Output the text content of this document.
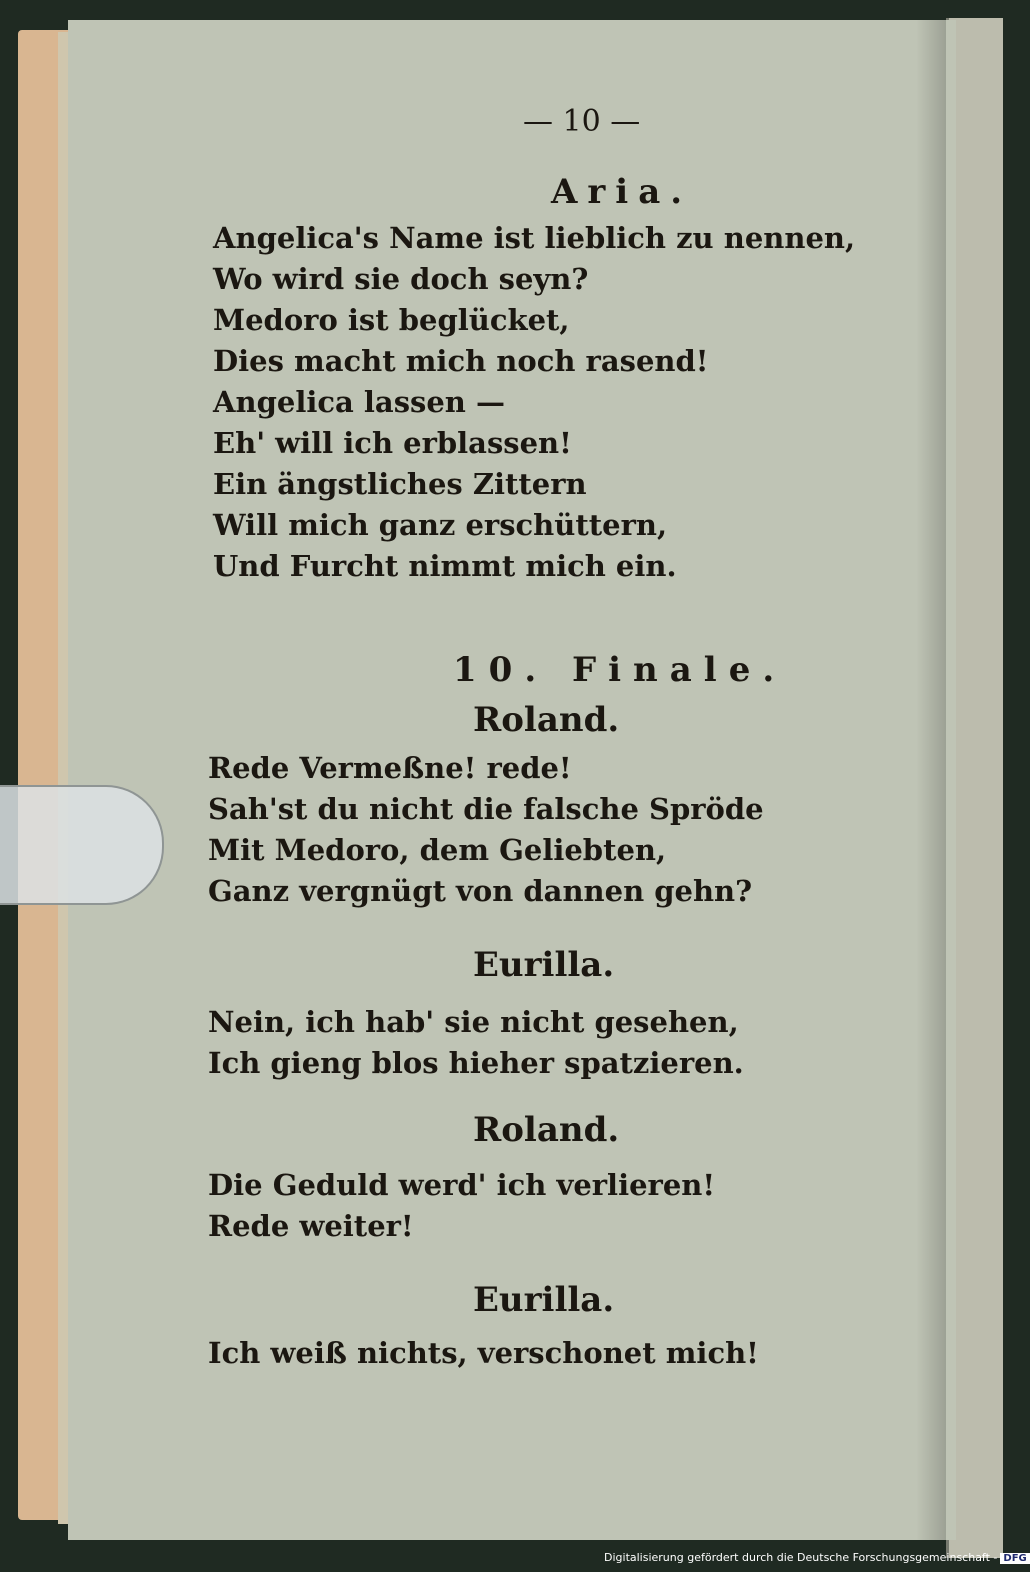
— 10 —
Aria.
Angelica's Name ist lieblich zu nennen,
Wo wird sie doch seyn?
Medoro ist beglücket,
Dies macht mich noch rasend!
Angelica lassen —
Eh' will ich erblassen!
Ein ängstliches Zittern
Will mich ganz erschüttern,
Und Furcht nimmt mich ein.
10. Finale.
Roland.
Rede Vermeßne! rede!
Sah'st du nicht die falsche Spröde
Mit Medoro, dem Geliebten,
Ganz vergnügt von dannen gehn?
Eurilla.
Nein, ich hab' sie nicht gesehen,
Ich gieng blos hieher spatzieren.
Roland.
Die Geduld werd' ich verlieren!
Rede weiter!
Eurilla.
Ich weiß nichts, verschonet mich!
Digitalisierung gefördert durch die Deutsche Forschungsgemeinschaft - DFG
